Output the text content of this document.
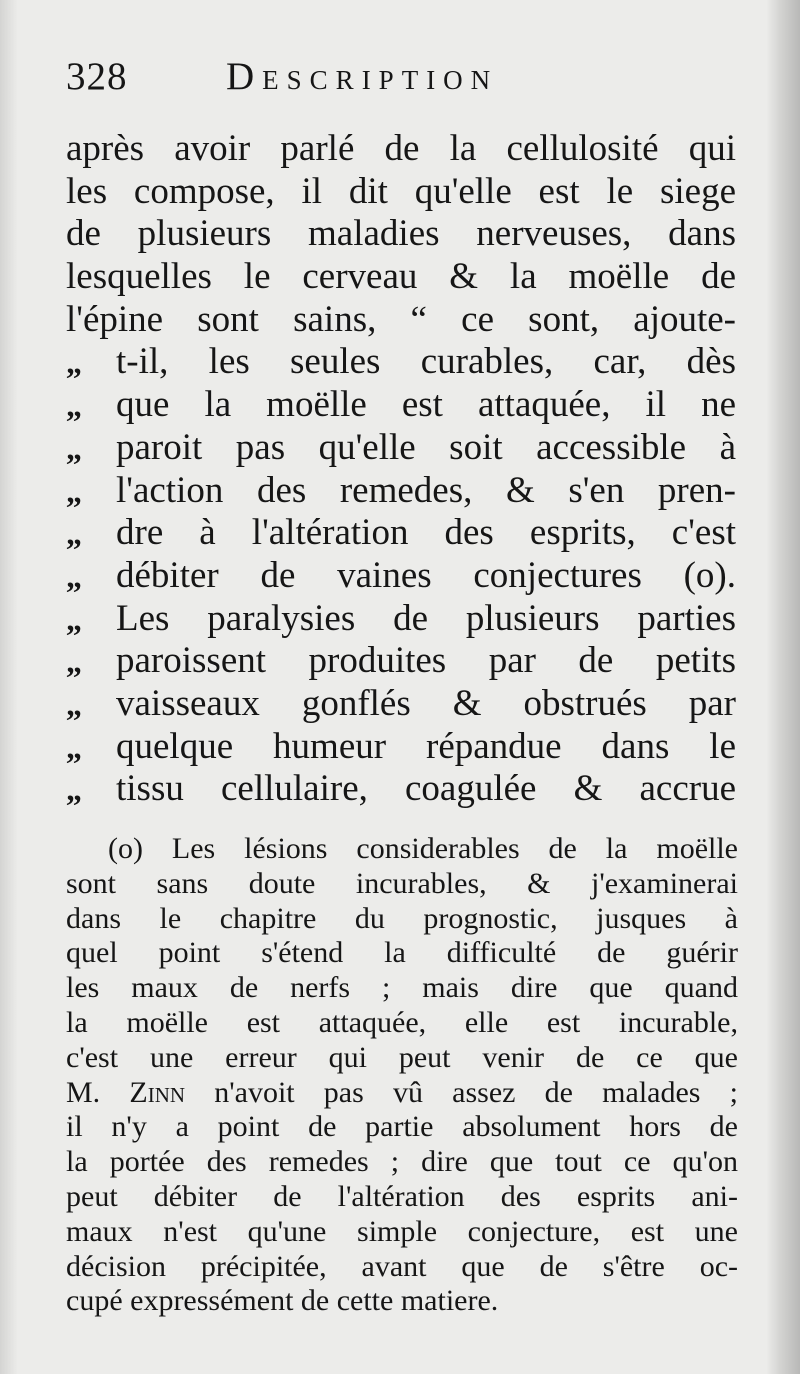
328	Description
après avoir parlé de la cellulosité qui
les compose, il dit qu'elle est le siege
de plusieurs maladies nerveuses, dans
lesquelles le cerveau & la moëlle de
l'épine sont sains, “ ce sont, ajoute-
„ t-il, les seules curables, car, dès
„ que la moëlle est attaquée, il ne
„ paroit pas qu'elle soit accessible à
„ l'action des remedes, & s'en pren-
„ dre à l'altération des esprits, c'est
„ débiter de vaines conjectures (o).
„ Les paralysies de plusieurs parties
„ paroissent produites par de petits
„ vaisseaux gonflés & obstrués par
„ quelque humeur répandue dans le
„ tissu cellulaire, coagulée & accrue
(o) Les lésions considerables de la moëlle
sont sans doute incurables, & j'examinerai
dans le chapitre du prognostic, jusques à
quel point s'étend la difficulté de guérir
les maux de nerfs ; mais dire que quand
la moëlle est attaquée, elle est incurable,
c'est une erreur qui peut venir de ce que
M. Zinn n'avoit pas vû assez de malades ;
il n'y a point de partie absolument hors de
la portée des remedes ; dire que tout ce qu'on
peut débiter de l'altération des esprits ani-
maux n'est qu'une simple conjecture, est une
décision précipitée, avant que de s'être oc-
cupé expressément de cette matiere.
